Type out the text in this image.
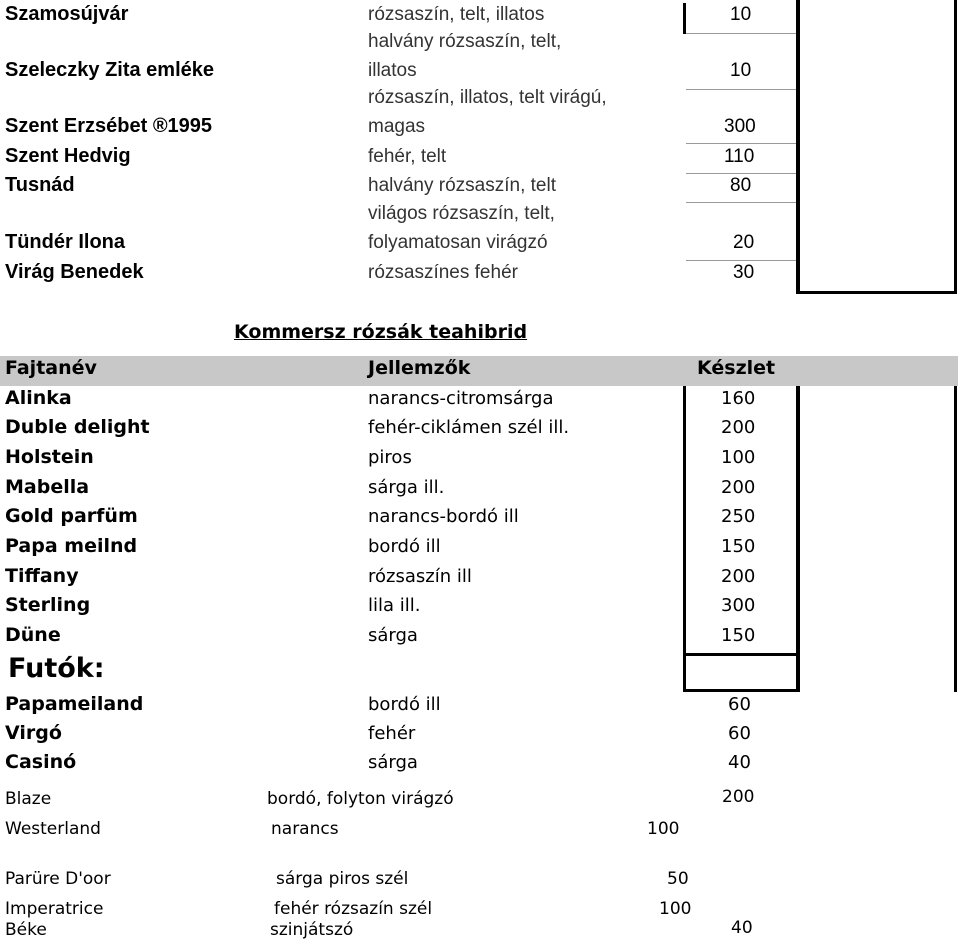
Szamosújvár	rózsaszín, telt, illatos	10
halvány rózsaszín, telt,
Szeleczky Zita emléke	illatos	10
rózsaszín, illatos, telt virágú,
Szent Erzsébet ®1995	magas	300
Szent Hedvig	fehér, telt	110
Tusnád	halvány rózsaszín, telt	80
világos rózsaszín, telt,
Tündér Ilona	folyamatosan virágzó	20
Virág Benedek	rózsaszínes fehér	30
Kommersz rózsák teahibrid
Fajtanév	Jellemzők	Készlet
Alinka	narancs-citromsárga	160
Duble delight	fehér-ciklámen szél ill.	200
Holstein	piros	100
Mabella	sárga ill.	200
Gold parfüm	narancs-bordó ill	250
Papa meilnd	bordó ill	150
Tiffany	rózsaszín ill	200
Sterling	lila ill.	300
Düne	sárga	150
Futók:
Papameiland	bordó ill	60
Virgó	fehér	60
Casinó	sárga	40
Blaze	bordó, folyton virágzó	200
Westerland	narancs	100
Parüre D'oor	sárga piros szél	50
Imperatrice	fehér rózsazín szél	100
Béke	szinjátszó	40
